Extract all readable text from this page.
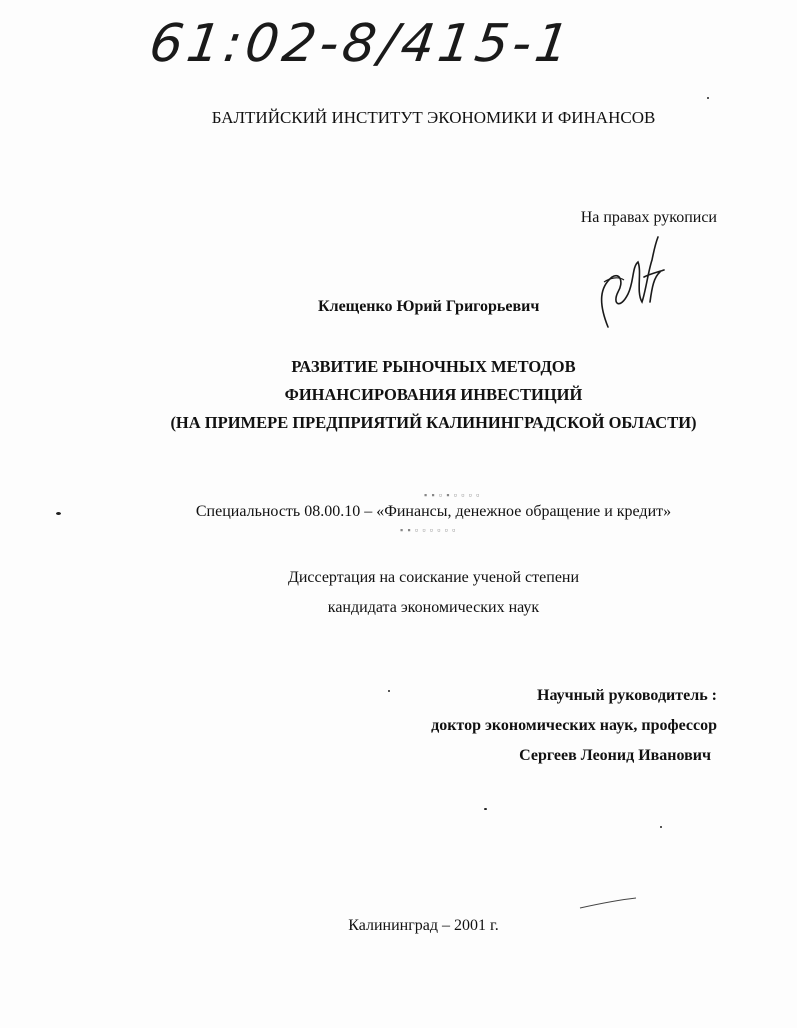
61:02-8/415-1
БАЛТИЙСКИЙ ИНСТИТУТ ЭКОНОМИКИ И ФИНАНСОВ
На правах рукописи
Клещенко Юрий Григорьевич
РАЗВИТИЕ РЫНОЧНЫХ МЕТОДОВ
ФИНАНСИРОВАНИЯ ИНВЕСТИЦИЙ
(НА ПРИМЕРЕ ПРЕДПРИЯТИЙ КАЛИНИНГРАДСКОЙ ОБЛАСТИ)
▪ ▪ ▫ ▪ ▫ ▫ ▫ ▫
▪ ▪ ▫ ▫ ▫ ▫ ▫ ▫
Специальность 08.00.10 – «Финансы, денежное обращение и кредит»
Диссертация на соискание ученой степени
кандидата экономических наук
Научный руководитель :
доктор экономических наук, профессор
Сергеев Леонид Иванович
Калининград – 2001 г.
